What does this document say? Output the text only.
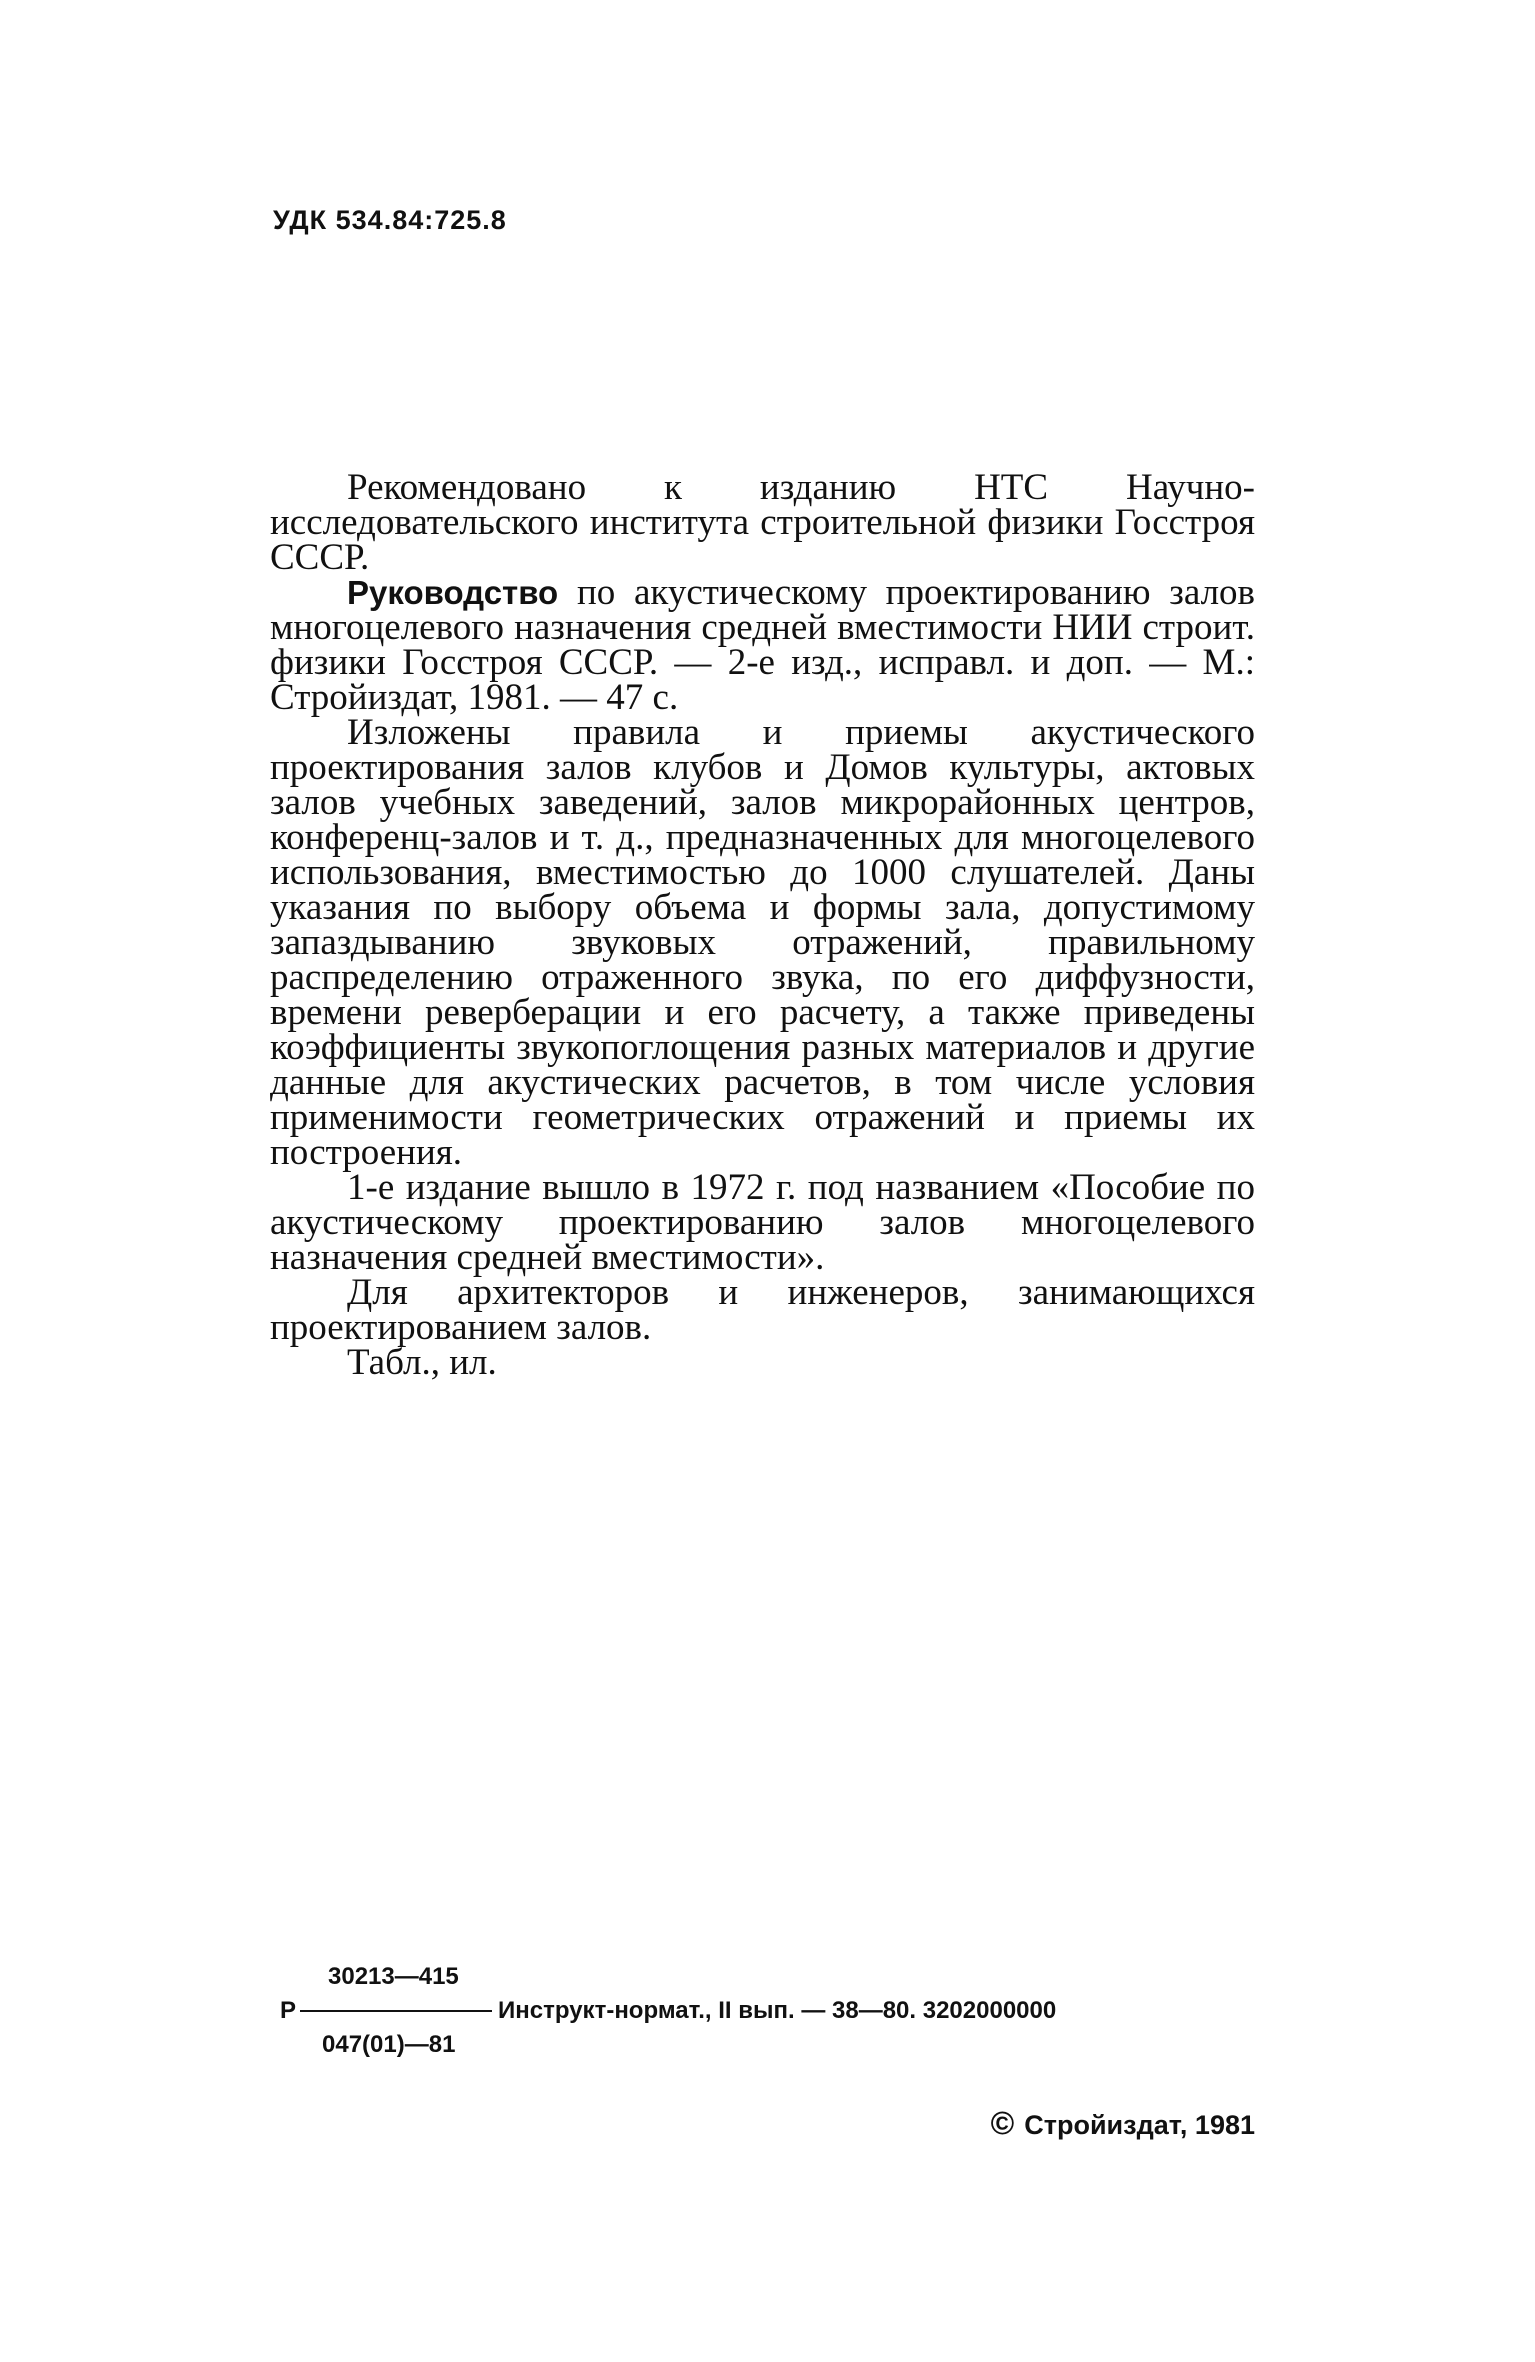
УДК 534.84:725.8

Рекомендовано к изданию НТС Научно-исследовательского института строительной физики Госстроя СССР.

Руководство по акустическому проектированию залов многоцелевого назначения средней вместимости НИИ строит. физики Госстроя СССР. — 2-е изд., исправл. и доп. — М.: Стройиздат, 1981. — 47 с.

Изложены правила и приемы акустического проектирования залов клубов и Домов культуры, актовых залов учебных заведений, залов микрорайонных центров, конференц-залов и т. д., предназначенных для многоцелевого использования, вместимостью до 1000 слушателей. Даны указания по выбору объема и формы зала, допустимому запаздыванию звуковых отражений, правильному распределению отраженного звука, по его диффузности, времени реверберации и его расчету, а также приведены коэффициенты звукопоглощения разных материалов и другие данные для акустических расчетов, в том числе условия применимости геометрических отражений и приемы их построения.

1-е издание вышло в 1972 г. под названием «Пособие по акустическому проектированию залов многоцелевого назначения средней вместимости».

Для архитекторов и инженеров, занимающихся проектированием залов.

Табл., ил.

30213—415
Р	Инструкт-нормат., II вып. — 38—80. 3202000000
047(01)—81
© Стройиздат, 1981
